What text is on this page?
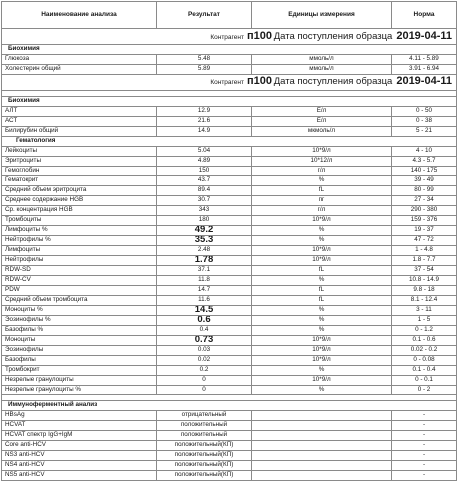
Наименование анализа	Результат	Единицы измерения	Норма
Контрагент п100 Дата поступления образца 2019-04-11			
Биохимия			
Глюкоза	5.48	ммоль/л	4.11 - 5.89
Холестерин общий	5.89	ммоль/л	3.91 - 6.94
Контрагент п100 Дата поступления образца 2019-04-11			

Биохимия			
АЛТ	12.9	Е/л	0 - 50
АСТ	21.6	Е/л	0 - 38
Билирубин общий	14.9	мкмоль/л	5 - 21
Гематология			
Лейкоциты	5.04	10*9/л	4 - 10
Эритроциты	4.89	10*12/л	4.3 - 5.7
Гемоглобин	150	г/л	140 - 175
Гематокрит	43.7	%	39 - 49
Средний объем эритроцита	89.4	fL	80 - 99
Среднее содержание HGB	30.7	пг	27 - 34
Ср. концентрация HGB	343	г/л	290 - 380
Тромбоциты	180	10*9/л	159 - 376
Лимфоциты %	49.2	%	19 - 37
Нейтрофилы %	35.3	%	47 - 72
Лимфоциты	2.48	10*9/л	1 - 4.8
Нейтрофилы	1.78	10*9/л	1.8 - 7.7
RDW-SD	37.1	fL	37 - 54
RDW-CV	11.8	%	10.8 - 14.9
PDW	14.7	fL	9.8 - 18
Средний объем тромбоцита	11.6	fL	8.1 - 12.4
Моноциты %	14.5	%	3 - 11
Эозинофилы %	0.6	%	1 - 5
Базофилы %	0.4	%	0 - 1.2
Моноциты	0.73	10*9/л	0.1 - 0.6
Эозинофилы	0.03	10*9/л	0.02 - 0.2
Базофилы	0.02	10*9/л	0 - 0.08
Тромбокрит	0.2	%	0.1 - 0.4
Незрелые гранулоциты	0	10*9/л	0 - 0.1
Незрелые гранулоциты %	0	%	0 - 2

Иммуноферментный анализ			
HBsAg	отрицательный		-
HCVAT	положительный		-
HCVAT спектр IgG+IgM	положительный		-
Core anti-HCV	положительный(КП)		-
NS3 anti-HCV	положительный(КП)		-
NS4 anti-HCV	положительный(КП)		-
NS5 anti-HCV	положительный(КП)		-
